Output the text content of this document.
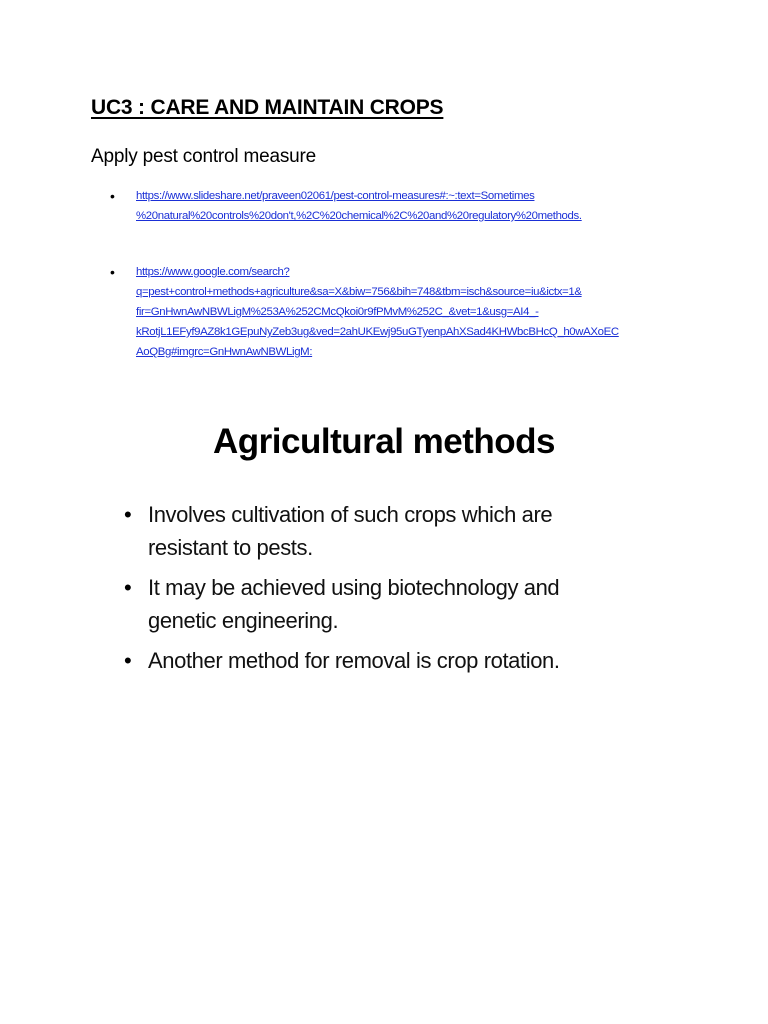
UC3 : CARE AND MAINTAIN CROPS
Apply pest control measure
• https://www.slideshare.net/praveen02061/pest-control-measures#:~:text=Sometimes
%20natural%20controls%20don't,%2C%20chemical%2C%20and%20regulatory%20methods.
• https://www.google.com/search?
q=pest+control+methods+agriculture&sa=X&biw=756&bih=748&tbm=isch&source=iu&ictx=1&
fir=GnHwnAwNBWLigM%253A%252CMcQkoi0r9fPMvM%252C_&vet=1&usg=AI4_-
kRotjL1EFyf9AZ8k1GEpuNyZeb3ug&ved=2ahUKEwj95uGTyenpAhXSad4KHWbcBHcQ_h0wAXoEC
AoQBg#imgrc=GnHwnAwNBWLigM:
Agricultural methods
• Involves cultivation of such crops which are
resistant to pests.
• It may be achieved using biotechnology and
genetic engineering.
• Another method for removal is crop rotation.
